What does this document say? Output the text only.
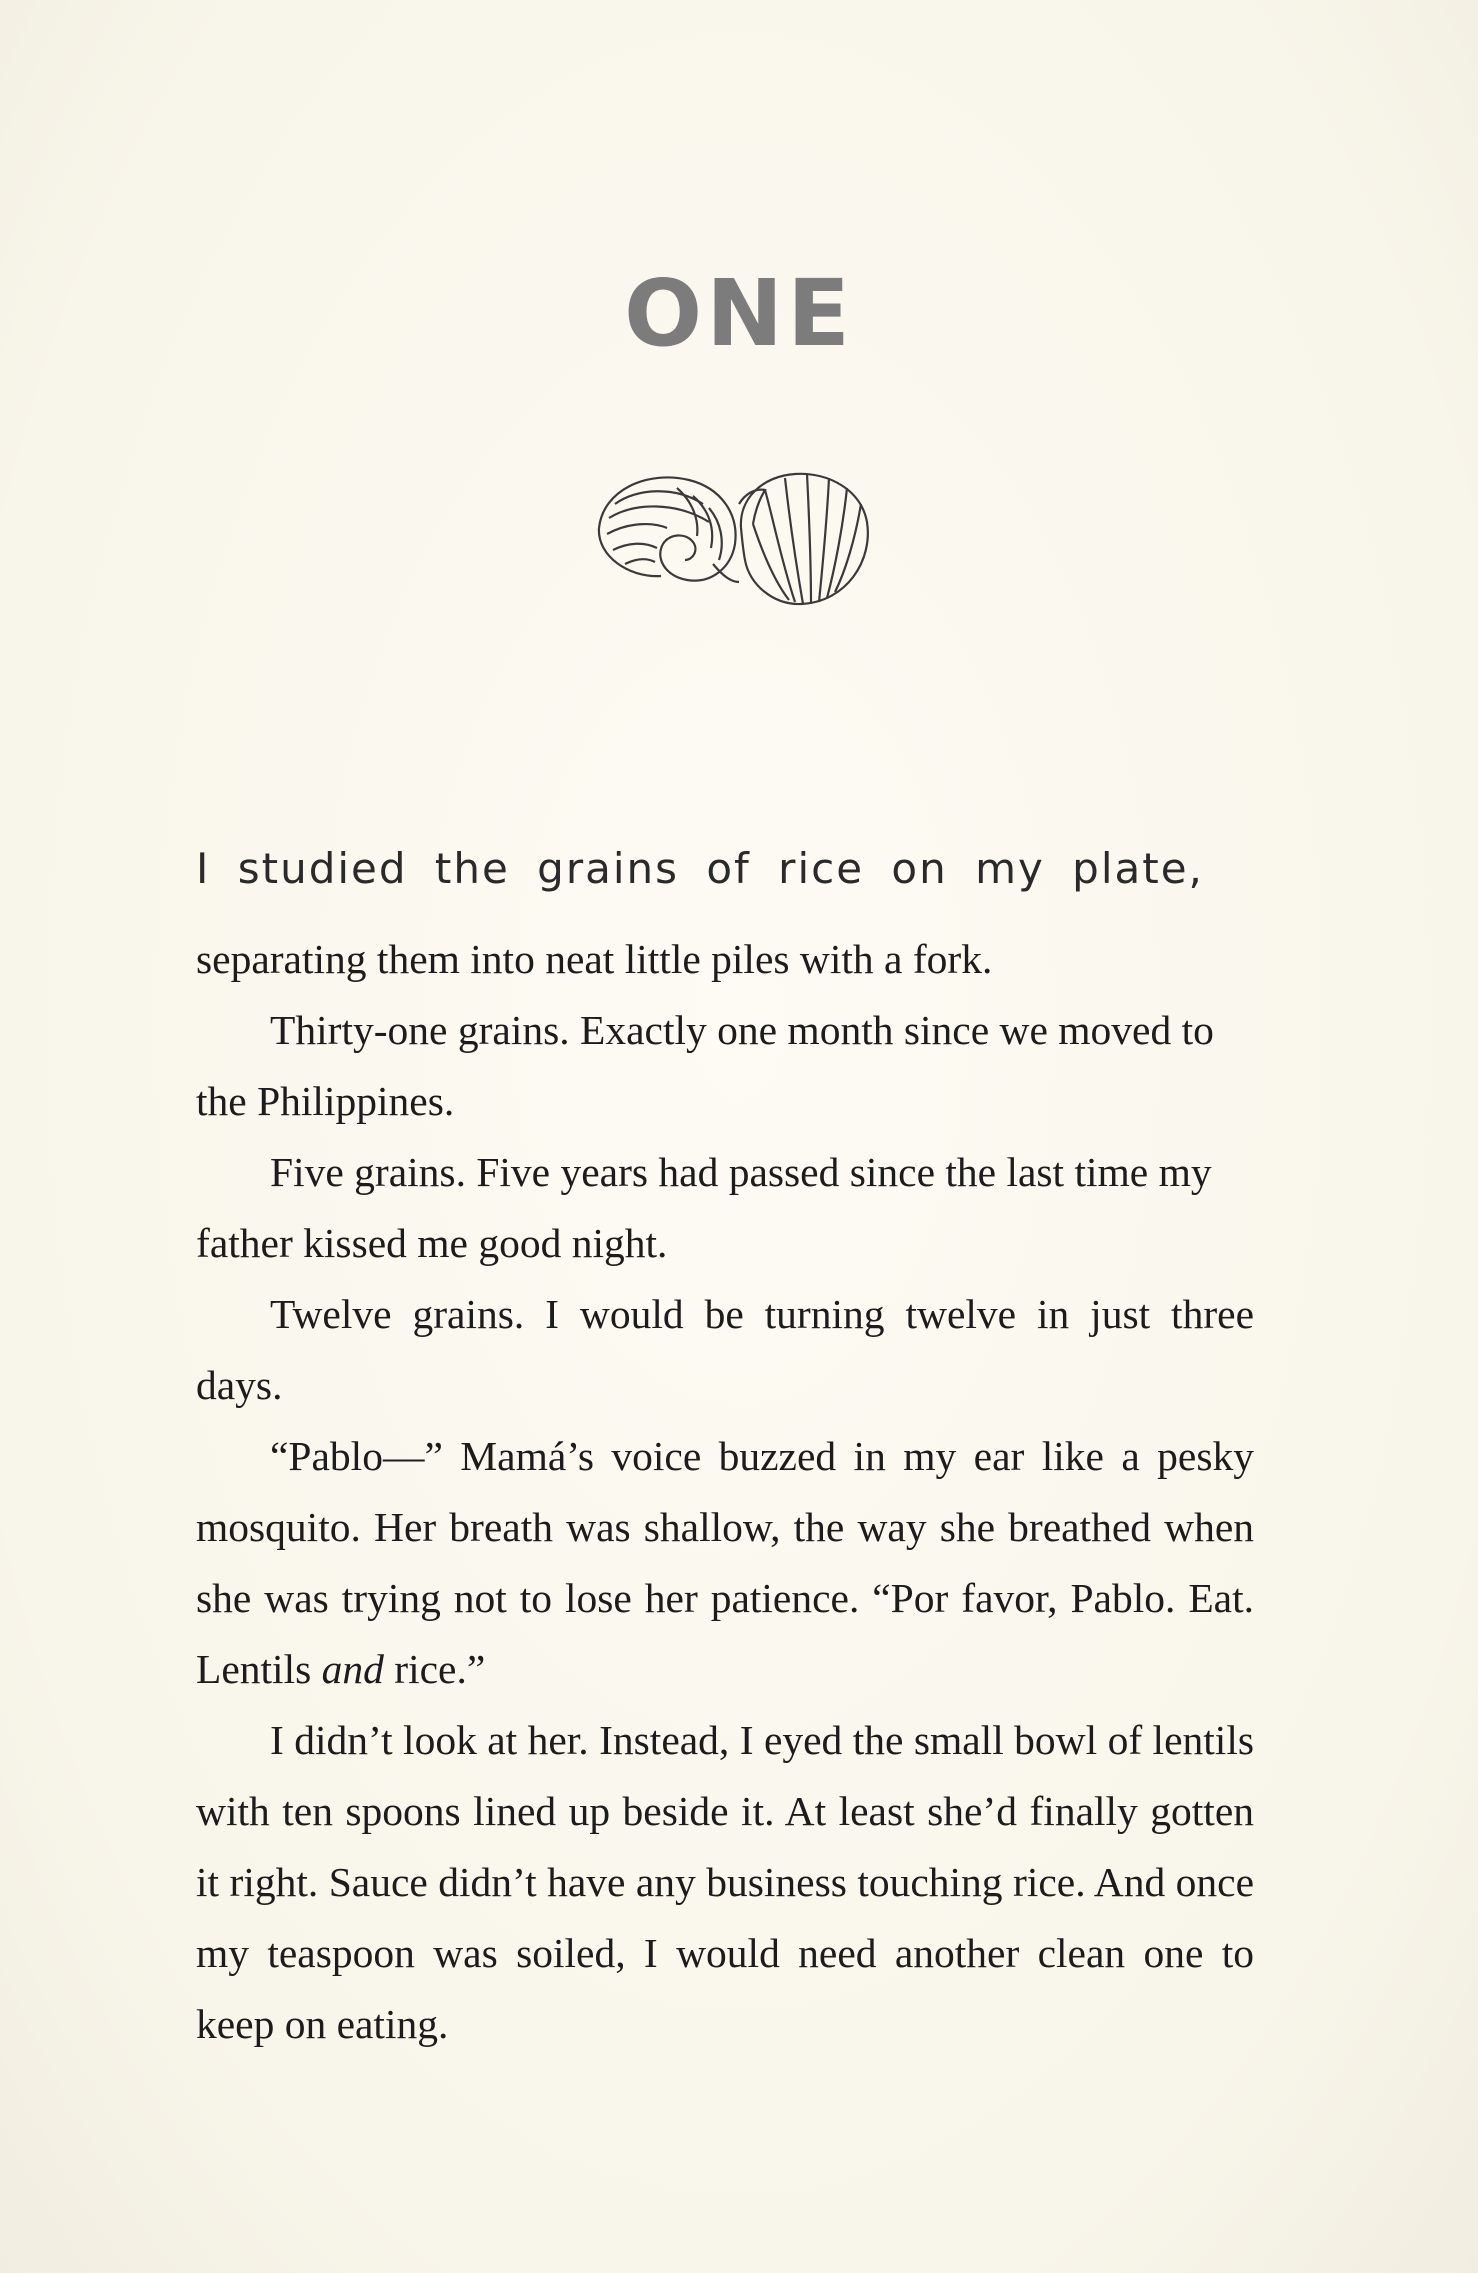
ONE
I studied the grains of rice on my plate,

separating them into neat little piles with a fork.

Thirty-one grains. Exactly one month since we moved to the Philippines.

Five grains. Five years had passed since the last time my father kissed me good night.

Twelve grains. I would be turning twelve in just three days.

“Pablo—” Mamá’s voice buzzed in my ear like a pesky mosquito. Her breath was shallow, the way she breathed when she was trying not to lose her patience. “Por favor, Pablo. Eat. Lentils and rice.”

I didn’t look at her. Instead, I eyed the small bowl of lentils with ten spoons lined up beside it. At least she’d finally gotten it right. Sauce didn’t have any business touching rice. And once my teaspoon was soiled, I would need another clean one to keep on eating.
